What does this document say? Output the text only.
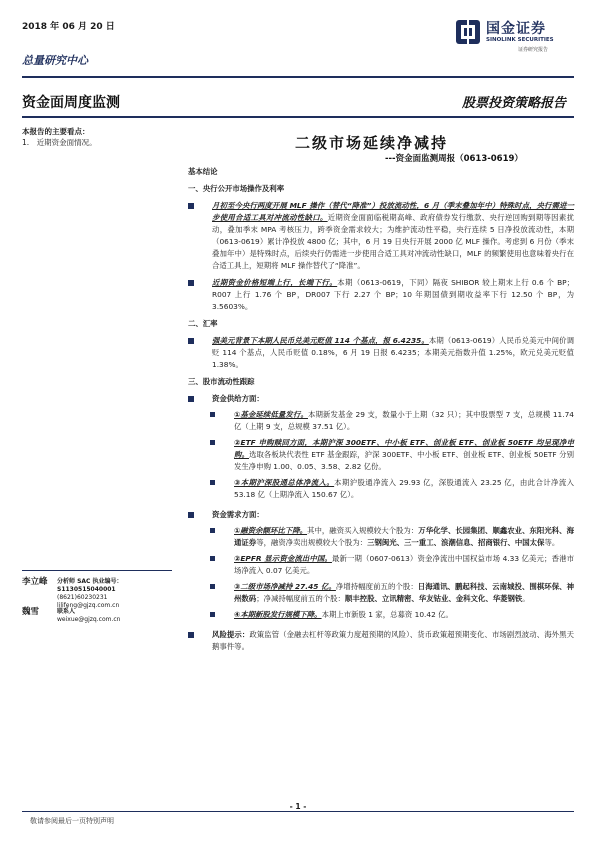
2018 年 06 月 20 日
总量研究中心
国金证券
SINOLINK SECURITIES
证券研究报告
资金面周度监测	股票投资策略报告
本报告的主要看点：
1.　近期资金面情况。
李立峰 分析师 SAC 执业编号：S1130515040001
(8621)60230231
lilifeng@gjzq.com.cn
魏雪	联系人
weixue@gjzq.com.cn
二级市场延续净减持
---资金面监测周报（0613-0619）

基本结论

一、央行公开市场操作及利率

月初至今央行两度开展 MLF 操作（替代“降准”）投放流动性，6 月（季末叠加年中）特殊时点，央行需进一步使用合适工具对冲流动性缺口。近期资金面面临税期高峰、政府债券发行缴款、央行逆回购到期等因素扰动，叠加季末 MPA 考核压力，跨季资金需求较大；为维护流动性平稳，央行连续 5 日净投放流动性，本期（0613-0619）累计净投放 4800 亿；其中，6 月 19 日央行开展 2000 亿 MLF 操作。考虑到 6 月份（季末叠加年中）是特殊时点，后续央行仍需进一步使用合适工具对冲流动性缺口，MLF 的频繁使用也意味着央行在合适工具上，短期将 MLF 操作替代了“降准”。

近期资金价格短端上行，长端下行。本期（0613-0619，下同）隔夜 SHIBOR 较上期末上行 0.6 个 BP；R007 上行 1.76 个 BP，DR007 下行 2.27 个 BP；10 年期国债到期收益率下行 12.50 个 BP，为 3.5603%。

二、汇率

强美元背景下本期人民币兑美元贬值 114 个基点，报 6.4235。本期（0613-0619）人民币兑美元中间价调贬 114 个基点，人民币贬值 0.18%，6 月 19 日报 6.4235；本期美元指数升值 1.25%，欧元兑美元贬值 1.38%。

三、股市流动性跟踪

资金供给方面：

①基金延续低量发行。本期新发基金 29 支，数量小于上期（32 只）；其中股票型 7 支，总规模 11.74 亿（上期 9 支，总规模 37.51 亿）。

②ETF 申购赎回方面，本期沪深 300ETF、中小板 ETF、创业板 ETF、创业板 50ETF 均呈现净申购。选取各板块代表性 ETF 基金跟踪，沪深 300ETF、中小板 ETF、创业板 ETF、创业板 50ETF 分别发生净申购 1.00、0.05、3.58、2.82 亿份。

③本期沪深股通总体净流入。本期沪股通净流入 29.93 亿，深股通流入 23.25 亿，由此合计净流入 53.18 亿（上期净流入 150.67 亿）。

资金需求方面：

①融资余额环比下降。其中，融资买入规模较大个股为：万华化学、长园集团、顺鑫农业、东阳光科、海通证券等，融资净卖出规模较大个股为：三钢闽光、三一重工、浪潮信息、招商银行、中国太保等。

②EPFR 显示资金流出中国。最新一期（0607-0613）资金净流出中国权益市场 4.33 亿美元；香港市场净流入 0.07 亿美元。

③二级市场净减持 27.45 亿。净增持幅度前五的个股：日海通讯、鹏起科技、云南城投、围棋环保、神州数码；净减持幅度前五的个股：顺丰控股、立讯精密、华友钴业、金科文化、华菱钢铁。

④本期新股发行规模下降。本期上市新股 1 家，总募资 10.42 亿。

风险提示：政策监管（金融去杠杆等政策力度超预期的风险）、货币政策超预期变化、市场剧烈波动、海外黑天鹅事件等。

- 1 -
敬请参阅最后一页特别声明
